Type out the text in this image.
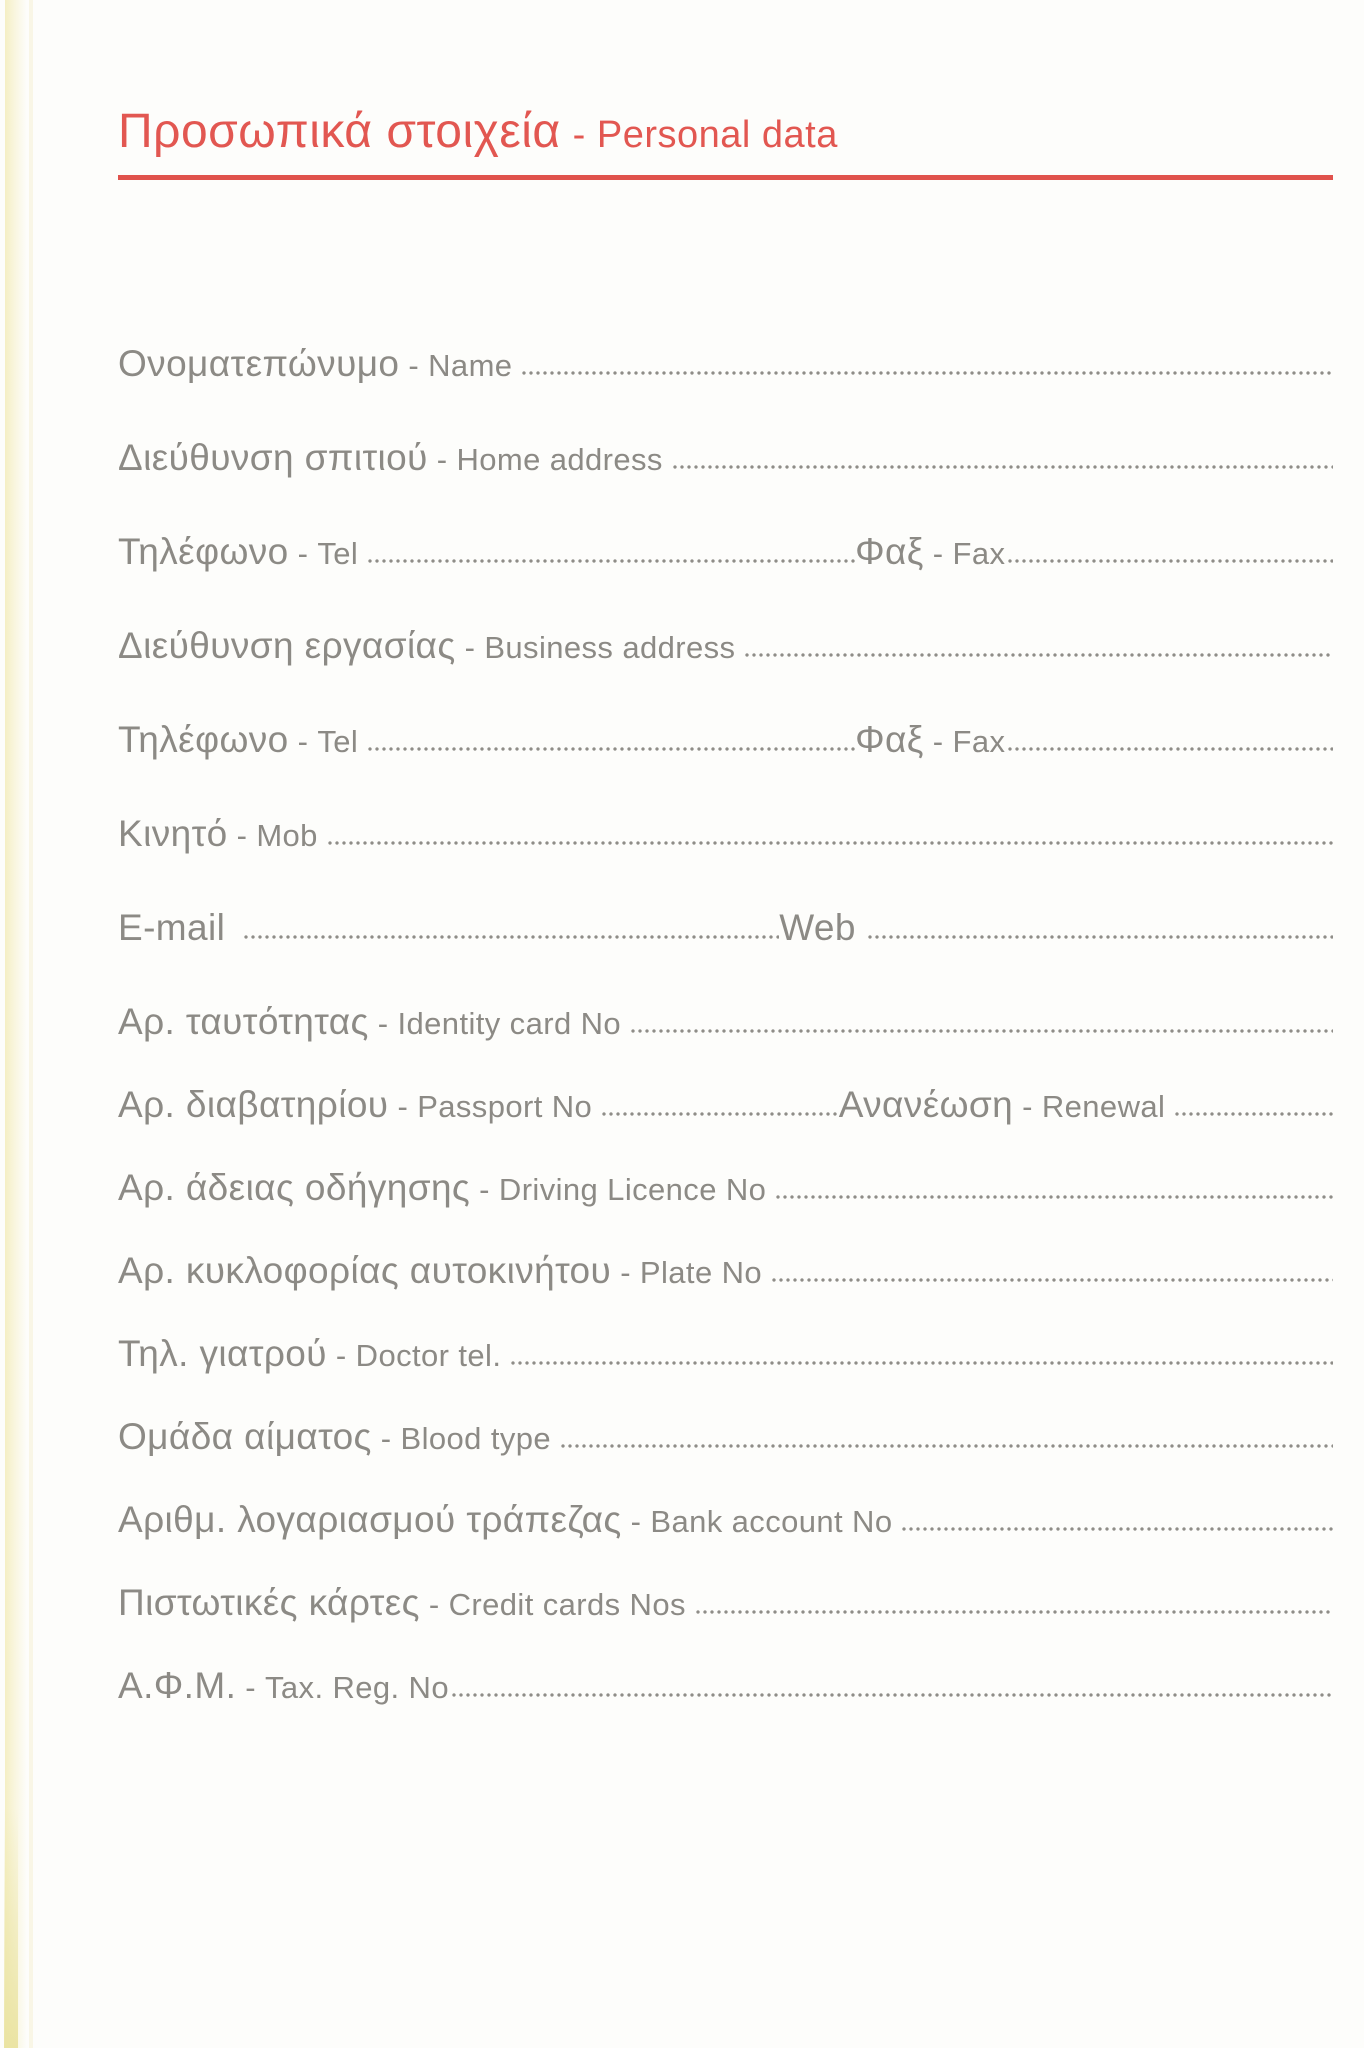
Προσωπικά στοιχεία - Personal data
Ονοματεπώνυμο - Name
Διεύθυνση σπιτιού - Home address
Τηλέφωνο - Tel	Φαξ - Fax
Διεύθυνση εργασίας - Business address
Τηλέφωνο - Tel	Φαξ - Fax
Κινητό - Mob
E-mail	Web
Αρ. ταυτότητας - Identity card No
Αρ. διαβατηρίου - Passport No	Ανανέωση - Renewal
Αρ. άδειας οδήγησης - Driving Licence No
Αρ. κυκλοφορίας αυτοκινήτου - Plate No
Τηλ. γιατρού - Doctor tel.
Ομάδα αίματος - Blood type
Αριθμ. λογαριασμού τράπεζας - Bank account No
Πιστωτικές κάρτες - Credit cards Nos
Α.Φ.Μ. - Tax. Reg. No
